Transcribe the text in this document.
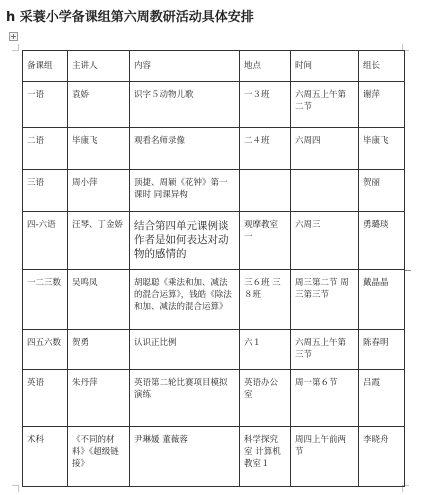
h 采蓑小学备课组第六周教研活动具体安排
备课组	主讲人	内容	地点	时间	组长
一语	袁娇	识字５动物儿歌	一３班	六周五上午第二节	谢萍
二语	毕康飞	观看名师录像	二４班	六周四	毕康飞
三语	周小萍	顶捷、周颖《花钟》第一课时 同课异构			贺丽
四-六语	汪琴、丁金娇	结合第四单元课例谈作者是如何表达对动物的感情的	观摩教室一	六周三	勇璐琰
一二三数	吴鸣凤	胡聪聪《乘法和加、减法的混合运算》，钱皓《除法和加、减法的混合运算》	三６班 三８班	周三第二节 周三第三节	戴晶晶
四五六数	贺勇	认识正比例	六１	六周五上午第三节	陈春明
英语	朱丹萍	英语第二轮比赛项目模拟演练	英语办公室	周一第６节	吕霞
术科	《不同的材料》《超级链接》	尹琳媛 董薇蓉	科学探究室 计算机教室１	周四上午前两节	李晓舟
